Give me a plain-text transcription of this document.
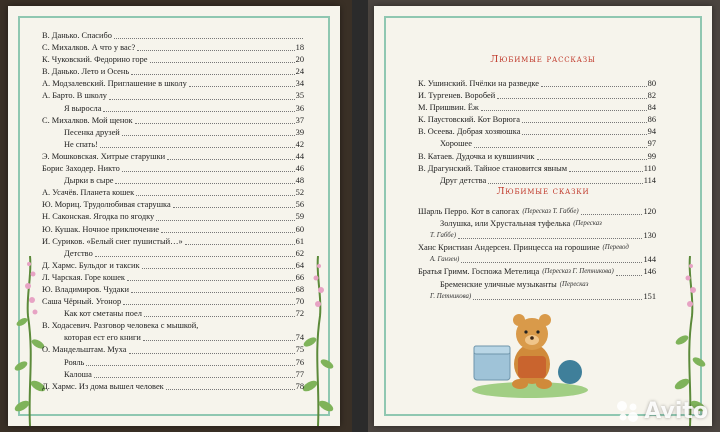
В. Данько. Спасибо
С. Михалков. А что у вас?	18
К. Чуковский. Федорино горе	20
В. Данько. Лето и Осень	24
А. Модзалевский. Приглашение в школу	34
А. Барто. В школу	35
Я выросла	36
С. Михалков. Мой щенок	37
Песенка друзей	39
Не спать!	42
Э. Мошковская. Хитрые старушки	44
Борис Заходер. Никто	46
Дырки в сыре	48
А. Усачёв. Планета кошек	52
Ю. Мориц. Трудолюбивая старушка	56
Н. Саконская. Ягодка по ягодку	59
Ю. Кушак. Ночное приключение	60
И. Суриков. «Белый снег пушистый…»	61
Детство	62
Д. Хармс. Бульдог и таксик	64
Л. Чарская. Горе кошек	66
Ю. Владимиров. Чудаки	68
Саша Чёрный. Угонор	70
Как кот сметаны поел	72
В. Ходасевич. Разговор человека с мышкой,
которая ест его книги	74
О. Мандельштам. Муха	75
Рояль	76
Калоша	77
Д. Хармс. Из дома вышел человек	78
Любимые рассказы
К. Ушинский. Пчёлки на разведке	80
И. Тургенев. Воробей	82
М. Пришвин. Ёж	84
К. Паустовский. Кот Ворюга	86
В. Осеева. Добрая хозяюшка	94
Хорошее	97
В. Катаев. Дудочка и кувшинчик	99
В. Драгунский. Тайное становится явным	110
Друг детства	114
Любимые сказки
Шарль Перро. Кот в сапогах (Пересказ Т. Габбе)	120
Золушка, или Хрустальная туфелька (Пересказ
Т. Габбе)	130
Ханс Кристиан Андерсен. Принцесса на горошине (Перевод
А. Ганзен)	144
Братья Гримм. Госпожа Метелица (Пересказ Г. Петникова)	146
Бременские уличные музыканты (Пересказ
Г. Петникова)	151
Avito
